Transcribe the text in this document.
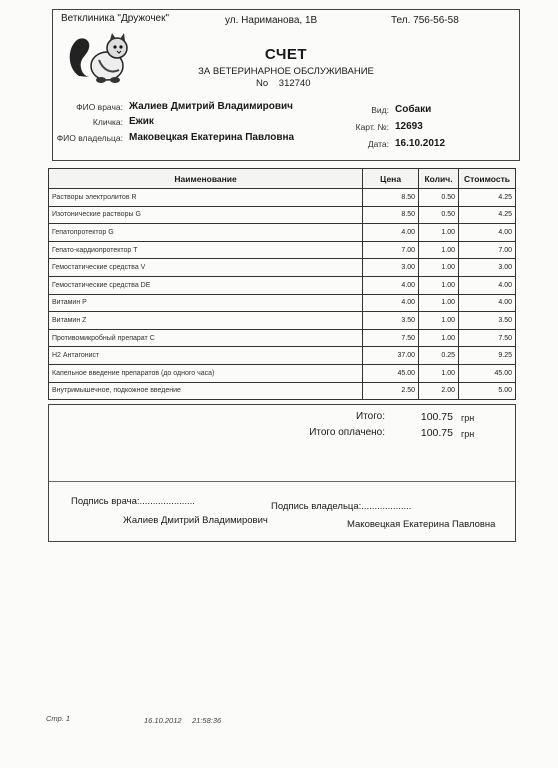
Ветклиника "Дружочек"	ул. Нариманова, 1В	Тел. 756-56-58
СЧЕТ
ЗА ВЕТЕРИНАРНОЕ ОБСЛУЖИВАНИЕ
No 312740
ФИО врача: Жалиев Дмитрий Владимирович
Кличка: Ежик
ФИО владельца: Маковецкая Екатерина Павловна
Вид: Собаки
Карт. №: 12693
Дата: 16.10.2012
Наименование	Цена	Колич.	Стоимость
Растворы электролитов R	8.50	0.50	4.25
Изотонические растворы G	8.50	0.50	4.25
Гепатопротектор G	4.00	1.00	4.00
Гепато-кардиопротектор Т	7.00	1.00	7.00
Гемостатические средства V	3.00	1.00	3.00
Гемостатические средства DE	4.00	1.00	4.00
Витамин Р	4.00	1.00	4.00
Витамин Z	3.50	1.00	3.50
Противомикробный препарат С	7.50	1.00	7.50
Н2 Антагонист	37.00	0.25	9.25
Капельное введение препаратов (до одного часа)	45.00	1.00	45.00
Внутримышечное, подкожное введение	2.50	2.00	5.00
Итого:	100.75 грн
Итого оплачено:	100.75 грн
Подпись врача:.....................	Подпись владельца:...................
Жалиев Дмитрий Владимирович	Маковецкая Екатерина Павловна
Стр. 1	16.10.2012 21:58:36
